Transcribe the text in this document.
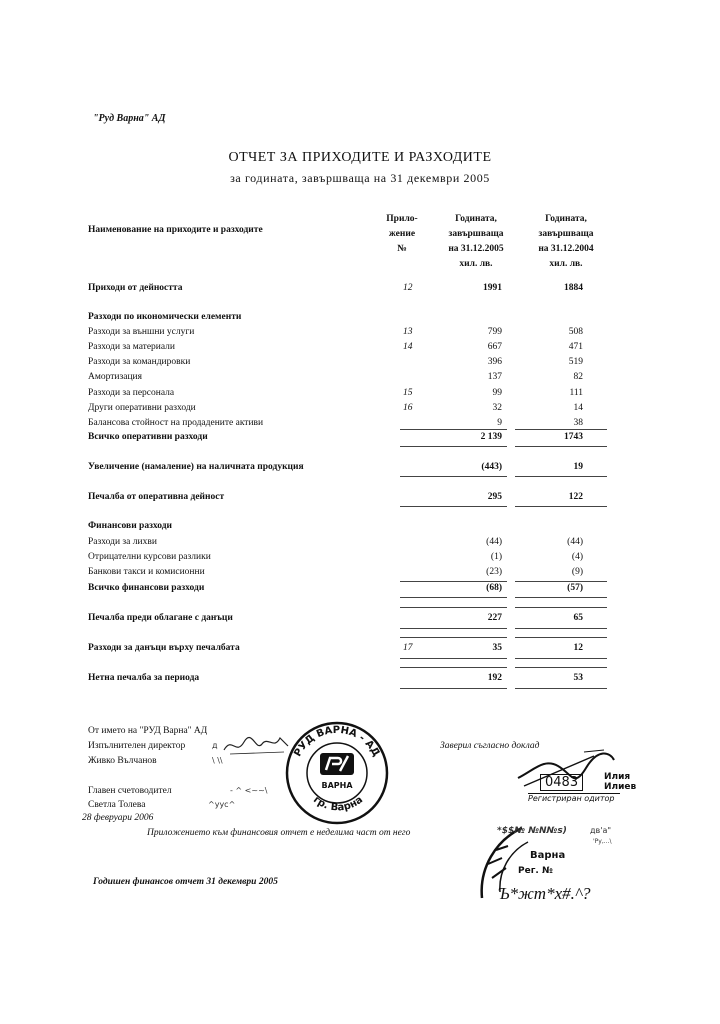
"Руд Варна" АД
ОТЧЕТ ЗА ПРИХОДИТЕ И РАЗХОДИТЕ
за годината, завършваща на 31 декември 2005
Наименование на приходите и разходите
Прило-
жение
№
Годината,
завършваща
на 31.12.2005
хил. лв.
Годината,
завършваща
на 31.12.2004
хил. лв.
Приходи от дейността	12	1991	1884
Разходи по икономически елементи
Разходи за външни услуги	13	799	508
Разходи за материали	14	667	471
Разходи за командировки	396	519
Амортизация	137	82
Разходи за персонала	15	99	111
Други оперативни разходи	16	32	14
Балансова стойност на продадените активи	9	38
Всичко оперативни разходи	2 139	1743
Увеличение (намаление) на наличната продукция	(443)	19
Печалба от оперативна дейност	295	122
Финансови разходи
Разходи за лихви	(44)	(44)
Отрицателни курсови разлики	(1)	(4)
Банкови такси и комисионни	(23)	(9)
Всичко финансови разходи	(68)	(57)
Печалба преди облагане с данъци	227	65
Разходи за данъци върху печалбата	17	35	12
Нетна печалба за периода	192	53
От името на "РУД Варна" АД
Изпълнителен директор
Живко Вълчанов
Главен счетоводител
Светла Толева
28 февруари 2006
Приложението към финансовия отчет е неделима част от него
Заверил съгласно доклад
Годишен финансов отчет 31 декември 2005
д
\ \\
- ^ <~~\
^уус^
РУД ВАРНА - АД
гр. Варна
ВАРНА	0483	Илия
Илиев
Регистриран одитор
*$$№ №N№s)	дв'а"
'Ру,...\
Варна
Рег. №
Ъ*жт*х#.^?
